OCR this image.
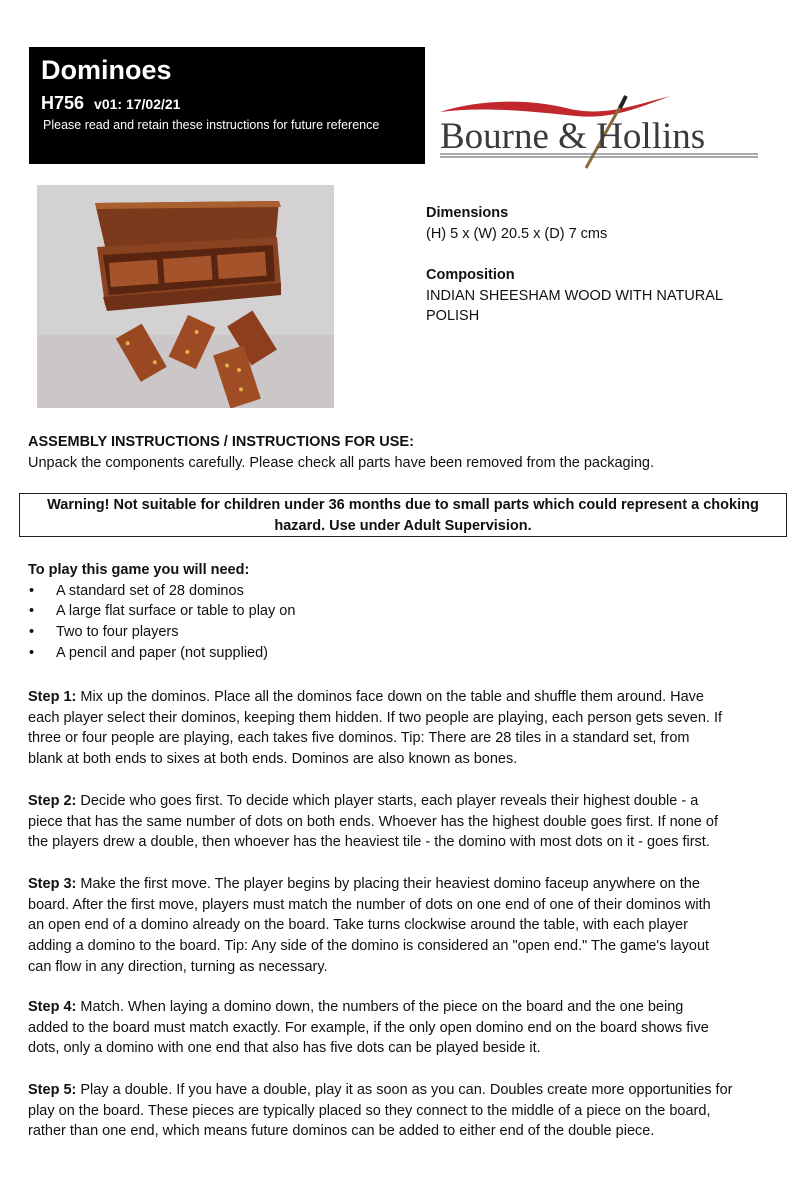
Dominoes
H756 v01: 17/02/21
Please read and retain these instructions for future reference Bourne & Hollins
Dimensions
(H) 5 x (W) 20.5 x (D) 7 cms
Composition
INDIAN SHEESHAM WOOD WITH NATURAL
POLISH
ASSEMBLY INSTRUCTIONS / INSTRUCTIONS FOR USE:
Unpack the components carefully. Please check all parts have been removed from the packaging.
Warning! Not suitable for children under 36 months due to small parts which could represent a choking
hazard. Use under Adult Supervision.
To play this game you will need:
• A standard set of 28 dominos
• A large flat surface or table to play on
• Two to four players
• A pencil and paper (not supplied)
Step 1: Mix up the dominos. Place all the dominos face down on the table and shuffle them around. Have
each player select their dominos, keeping them hidden. If two people are playing, each person gets seven. If
three or four people are playing, each takes five dominos. Tip: There are 28 tiles in a standard set, from
blank at both ends to sixes at both ends. Dominos are also known as bones.
Step 2: Decide who goes first. To decide which player starts, each player reveals their highest double - a
piece that has the same number of dots on both ends. Whoever has the highest double goes first. If none of
the players drew a double, then whoever has the heaviest tile - the domino with most dots on it - goes first.
Step 3: Make the first move. The player begins by placing their heaviest domino faceup anywhere on the
board. After the first move, players must match the number of dots on one end of one of their dominos with
an open end of a domino already on the board. Take turns clockwise around the table, with each player
adding a domino to the board. Tip: Any side of the domino is considered an "open end." The game's layout
can flow in any direction, turning as necessary.
Step 4: Match. When laying a domino down, the numbers of the piece on the board and the one being
added to the board must match exactly. For example, if the only open domino end on the board shows five
dots, only a domino with one end that also has five dots can be played beside it.
Step 5: Play a double. If you have a double, play it as soon as you can. Doubles create more opportunities for
play on the board. These pieces are typically placed so they connect to the middle of a piece on the board,
rather than one end, which means future dominos can be added to either end of the double piece.
